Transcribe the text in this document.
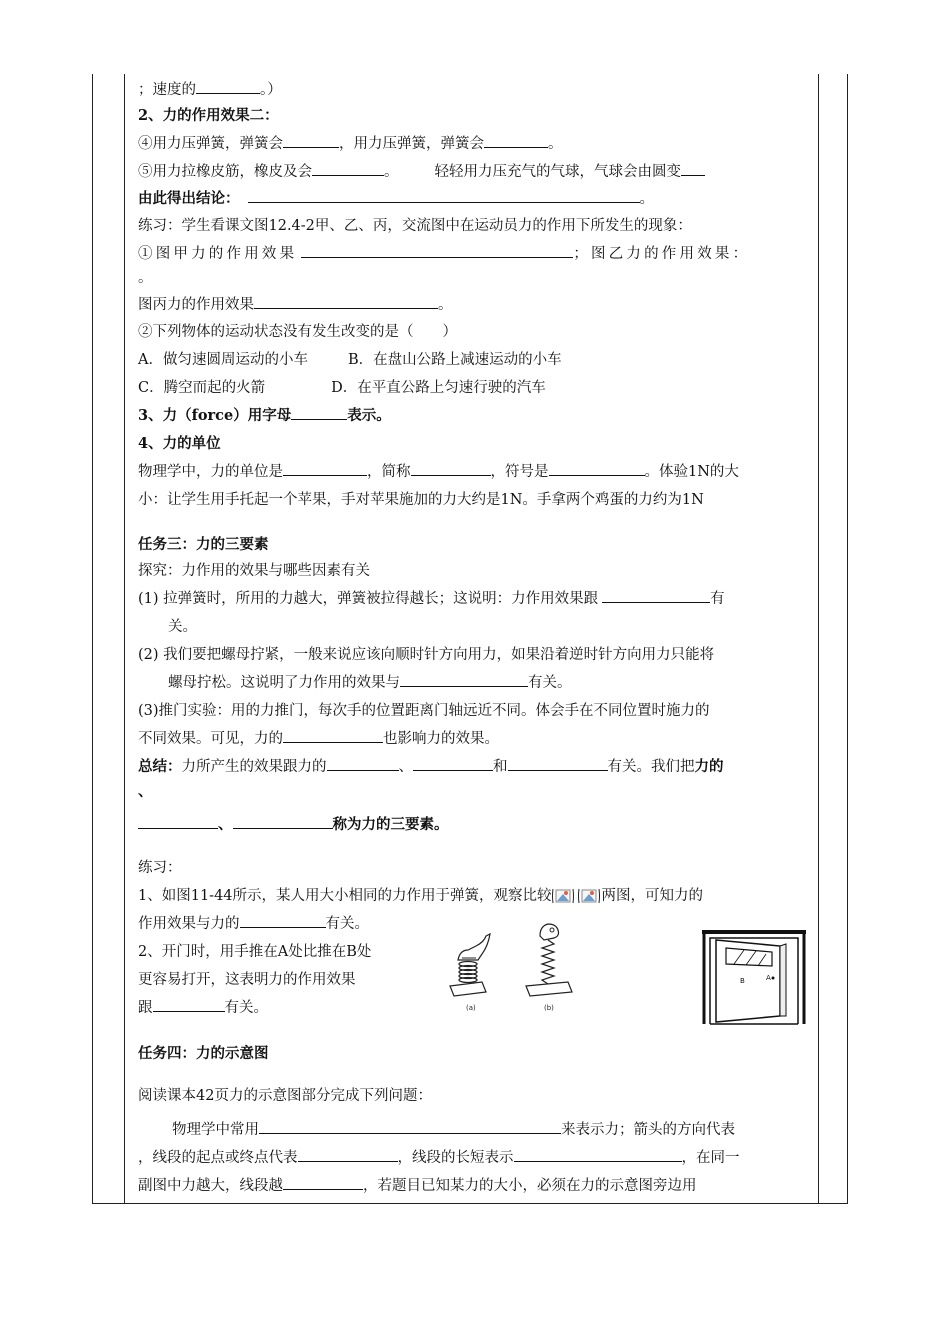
；速度的	。）
2、力的作用效果二：
④用力压弹簧，弹簧会	，用力压弹簧，弹簧会	。
⑤用力拉橡皮筋，橡皮及会	。 轻轻用力压充气的气球，气球会由圆变
由此得出结论：	。
练习：学生看课文图12.4-2甲、乙、丙，交流图中在运动员力的作用下所发生的现象：
①图甲力的作用效果	；图乙力的作用效果：
。
图丙力的作用效果	。
②下列物体的运动状态没有发生改变的是（　　）
A．做匀速圆周运动的小车	B．在盘山公路上减速运动的小车
C．腾空而起的火箭	D．在平直公路上匀速行驶的汽车
3、力（force）用字母	表示。
4、力的单位
物理学中，力的单位是	，简称	，符号是	。体验1N的大
小：让学生用手托起一个苹果，手对苹果施加的力大约是1N。手拿两个鸡蛋的力约为1N
任务三：力的三要素
探究：力作用的效果与哪些因素有关
(1) 拉弹簧时，所用的力越大，弹簧被拉得越长；这说明：力作用效果跟	有
关。
(2) 我们要把螺母拧紧，一般来说应该向顺时针方向用力，如果沿着逆时针方向用力只能将
螺母拧松。这说明了力作用的效果与	有关。
(3)推门实验：用的力推门，每次手的位置距离门轴远近不同。体会手在不同位置时施力的
不同效果。可见，力的	也影响力的效果。
总结：力所产生的效果跟力的	、	和	有关。我们把力的
、
、	称为力的三要素。
练习：
1、如图11-44所示，某人用大小相同的力作用于弹簧，观察比较	两图，可知力的
作用效果与力的	有关。
2、开门时，用手推在A处比推在B处
更容易打开，这表明力的作用效果
跟	有关。
任务四：力的示意图
阅读课本42页力的示意图部分完成下列问题：
物理学中常用	来表示力；箭头的方向代表
，线段的起点或终点代表	，线段的长短表示	，在同一
副图中力越大，线段越	，若题目已知某力的大小，必须在力的示意图旁边用
(a)	(b)
B	A
